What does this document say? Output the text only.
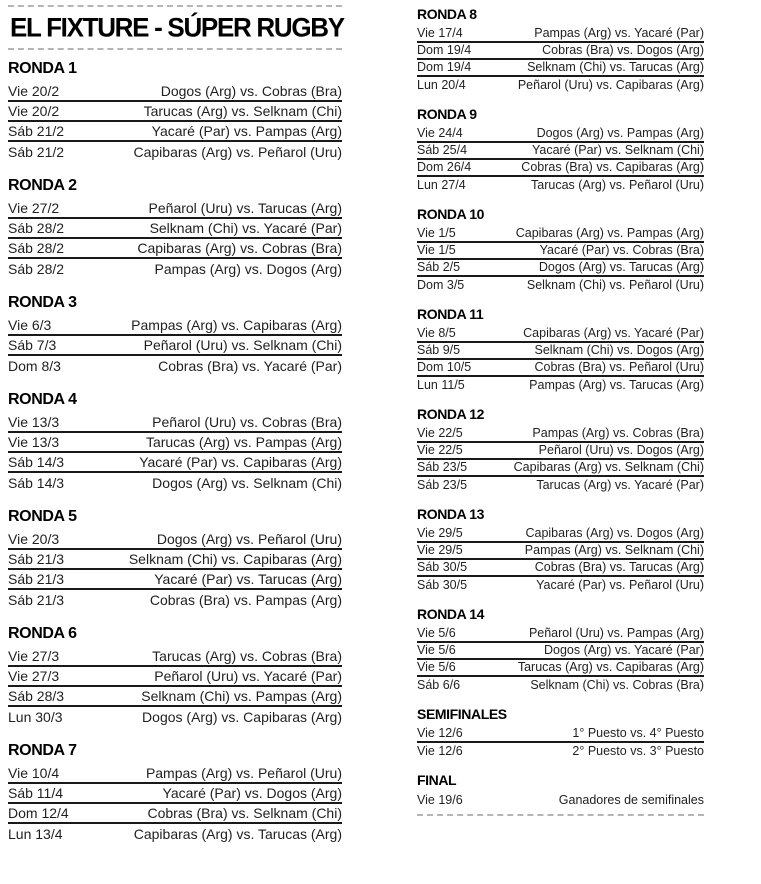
EL FIXTURE - SÚPER RUGBY
RONDA 1
Vie 20/2	Dogos (Arg) vs. Cobras (Bra)
Vie 20/2	Tarucas (Arg) vs. Selknam (Chi)
Sáb 21/2	Yacaré (Par) vs. Pampas (Arg)
Sáb 21/2	Capibaras (Arg) vs. Peñarol (Uru)
RONDA 2
Vie 27/2	Peñarol (Uru) vs. Tarucas (Arg)
Sáb 28/2	Selknam (Chi) vs. Yacaré (Par)
Sáb 28/2	Capibaras (Arg) vs. Cobras (Bra)
Sáb 28/2	Pampas (Arg) vs. Dogos (Arg)
RONDA 3
Vie 6/3	Pampas (Arg) vs. Capibaras (Arg)
Sáb 7/3	Peñarol (Uru) vs. Selknam (Chi)
Dom 8/3	Cobras (Bra) vs. Yacaré (Par)
RONDA 4
Vie 13/3	Peñarol (Uru) vs. Cobras (Bra)
Vie 13/3	Tarucas (Arg) vs. Pampas (Arg)
Sáb 14/3	Yacaré (Par) vs. Capibaras (Arg)
Sáb 14/3	Dogos (Arg) vs. Selknam (Chi)
RONDA 5
Vie 20/3	Dogos (Arg) vs. Peñarol (Uru)
Sáb 21/3	Selknam (Chi) vs. Capibaras (Arg)
Sáb 21/3	Yacaré (Par) vs. Tarucas (Arg)
Sáb 21/3	Cobras (Bra) vs. Pampas (Arg)
RONDA 6
Vie 27/3	Tarucas (Arg) vs. Cobras (Bra)
Vie 27/3	Peñarol (Uru) vs. Yacaré (Par)
Sáb 28/3	Selknam (Chi) vs. Pampas (Arg)
Lun 30/3	Dogos (Arg) vs. Capibaras (Arg)
RONDA 7
Vie 10/4	Pampas (Arg) vs. Peñarol (Uru)
Sáb 11/4	Yacaré (Par) vs. Dogos (Arg)
Dom 12/4	Cobras (Bra) vs. Selknam (Chi)
Lun 13/4	Capibaras (Arg) vs. Tarucas (Arg)
RONDA 8
Vie 17/4	Pampas (Arg) vs. Yacaré (Par)
Dom 19/4	Cobras (Bra) vs. Dogos (Arg)
Dom 19/4	Selknam (Chi) vs. Tarucas (Arg)
Lun 20/4	Peñarol (Uru) vs. Capibaras (Arg)
RONDA 9
Vie 24/4	Dogos (Arg) vs. Pampas (Arg)
Sáb 25/4	Yacaré (Par) vs. Selknam (Chi)
Dom 26/4	Cobras (Bra) vs. Capibaras (Arg)
Lun 27/4	Tarucas (Arg) vs. Peñarol (Uru)
RONDA 10
Vie 1/5	Capibaras (Arg) vs. Pampas (Arg)
Vie 1/5	Yacaré (Par) vs. Cobras (Bra)
Sáb 2/5	Dogos (Arg) vs. Tarucas (Arg)
Dom 3/5	Selknam (Chi) vs. Peñarol (Uru)
RONDA 11
Vie 8/5	Capibaras (Arg) vs. Yacaré (Par)
Sáb 9/5	Selknam (Chi) vs. Dogos (Arg)
Dom 10/5	Cobras (Bra) vs. Peñarol (Uru)
Lun 11/5	Pampas (Arg) vs. Tarucas (Arg)
RONDA 12
Vie 22/5	Pampas (Arg) vs. Cobras (Bra)
Vie 22/5	Peñarol (Uru) vs. Dogos (Arg)
Sáb 23/5	Capibaras (Arg) vs. Selknam (Chi)
Sáb 23/5	Tarucas (Arg) vs. Yacaré (Par)
RONDA 13
Vie 29/5	Capibaras (Arg) vs. Dogos (Arg)
Vie 29/5	Pampas (Arg) vs. Selknam (Chi)
Sáb 30/5	Cobras (Bra) vs. Tarucas (Arg)
Sáb 30/5	Yacaré (Par) vs. Peñarol (Uru)
RONDA 14
Vie 5/6	Peñarol (Uru) vs. Pampas (Arg)
Vie 5/6	Dogos (Arg) vs. Yacaré (Par)
Vie 5/6	Tarucas (Arg) vs. Capibaras (Arg)
Sáb 6/6	Selknam (Chi) vs. Cobras (Bra)
SEMIFINALES
Vie 12/6	1° Puesto vs. 4° Puesto
Vie 12/6	2° Puesto vs. 3° Puesto
FINAL
Vie 19/6	Ganadores de semifinales
